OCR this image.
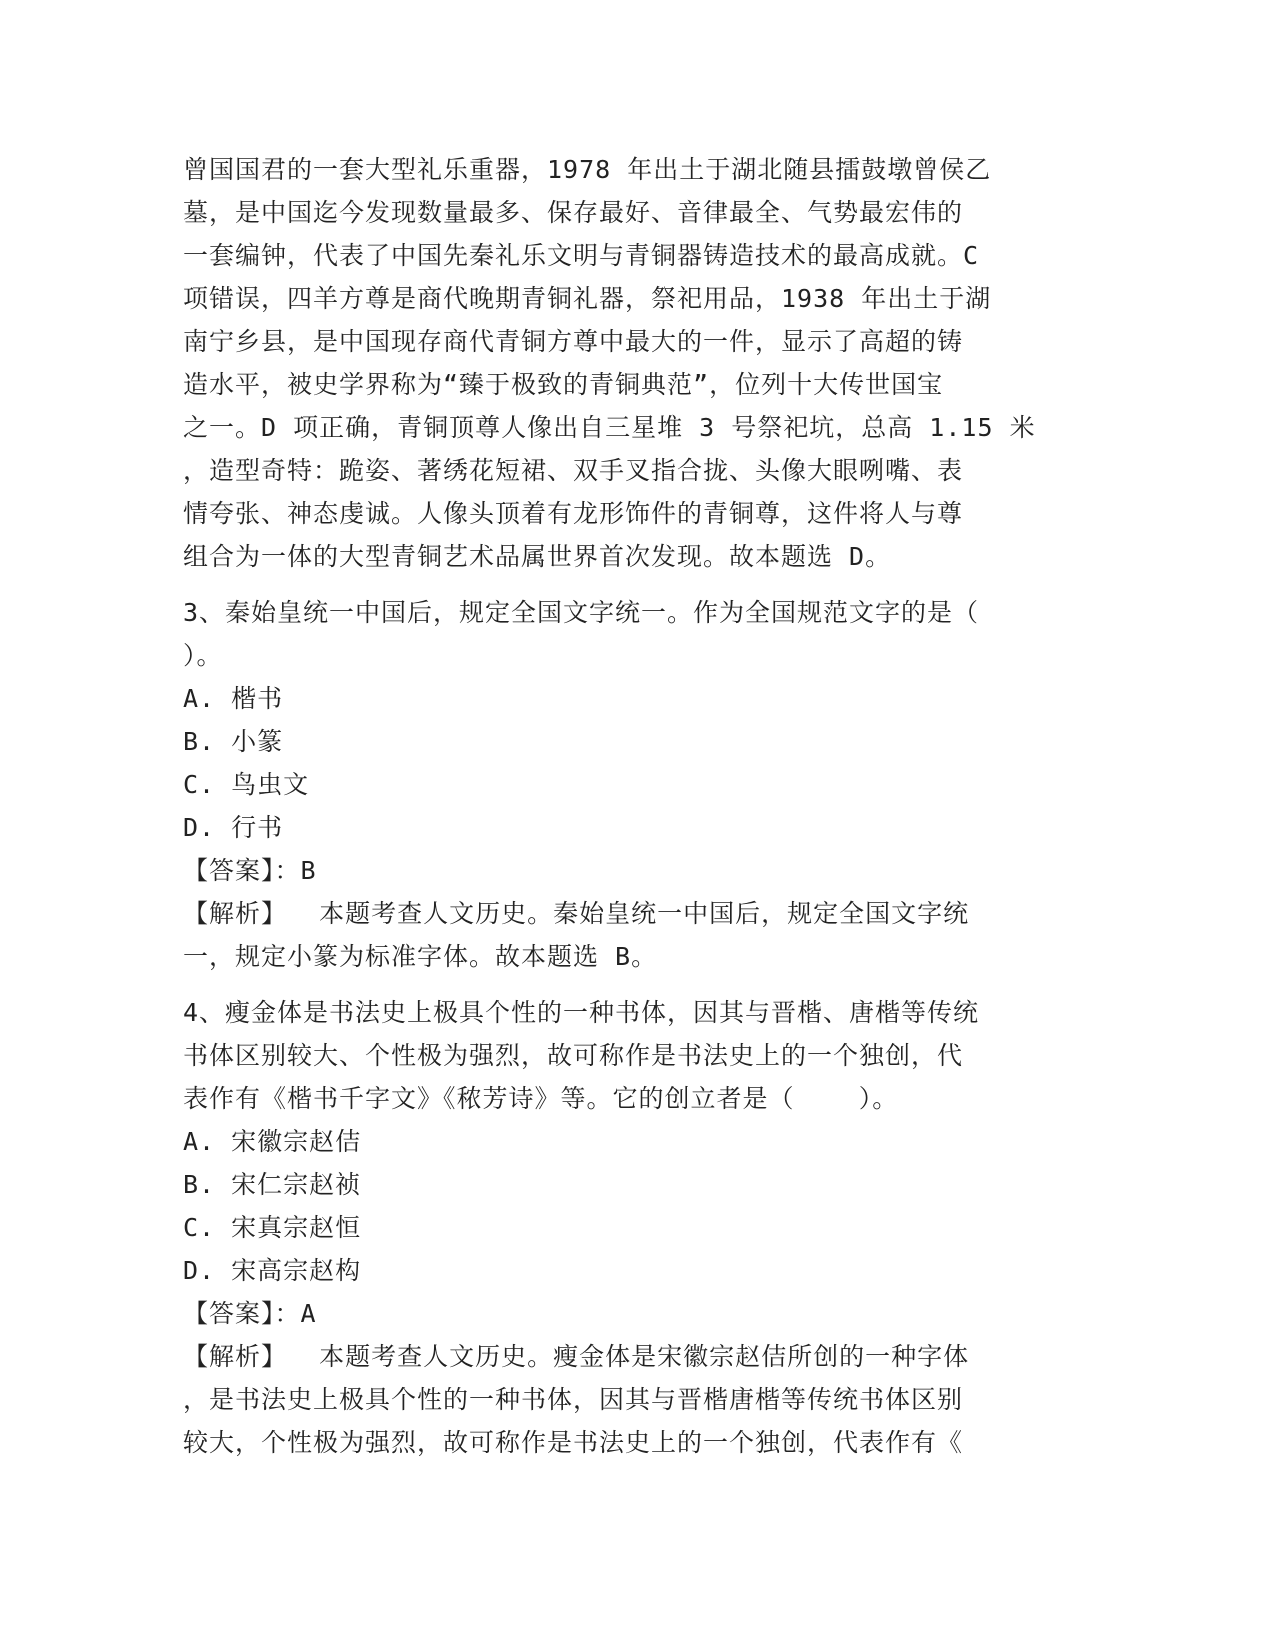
曾国国君的一套大型礼乐重器，1978 年出土于湖北随县擂鼓墩曾侯乙
墓，是中国迄今发现数量最多、保存最好、音律最全、气势最宏伟的
一套编钟，代表了中国先秦礼乐文明与青铜器铸造技术的最高成就。C
项错误，四羊方尊是商代晚期青铜礼器，祭祀用品，1938 年出土于湖
南宁乡县，是中国现存商代青铜方尊中最大的一件，显示了高超的铸
造水平，被史学界称为“臻于极致的青铜典范”，位列十大传世国宝
之一。D 项正确，青铜顶尊人像出自三星堆 3 号祭祀坑，总高 1.15 米
，造型奇特：跪姿、著绣花短裙、双手叉指合拢、头像大眼咧嘴、表
情夸张、神态虔诚。人像头顶着有龙形饰件的青铜尊，这件将人与尊
组合为一体的大型青铜艺术品属世界首次发现。故本题选 D。
3、秦始皇统一中国后，规定全国文字统一。作为全国规范文字的是（
）。
A. 楷书
B. 小篆
C. 鸟虫文
D. 行书
【答案】：B
【解析】  本题考查人文历史。秦始皇统一中国后，规定全国文字统
一，规定小篆为标准字体。故本题选 B。
4、瘦金体是书法史上极具个性的一种书体，因其与晋楷、唐楷等传统
书体区别较大、个性极为强烈，故可称作是书法史上的一个独创，代
表作有《楷书千字文》《秾芳诗》等。它的创立者是（    ）。
A. 宋徽宗赵佶
B. 宋仁宗赵祯
C. 宋真宗赵恒
D. 宋高宗赵构
【答案】：A
【解析】  本题考查人文历史。瘦金体是宋徽宗赵佶所创的一种字体
，是书法史上极具个性的一种书体，因其与晋楷唐楷等传统书体区别
较大，个性极为强烈，故可称作是书法史上的一个独创，代表作有《
